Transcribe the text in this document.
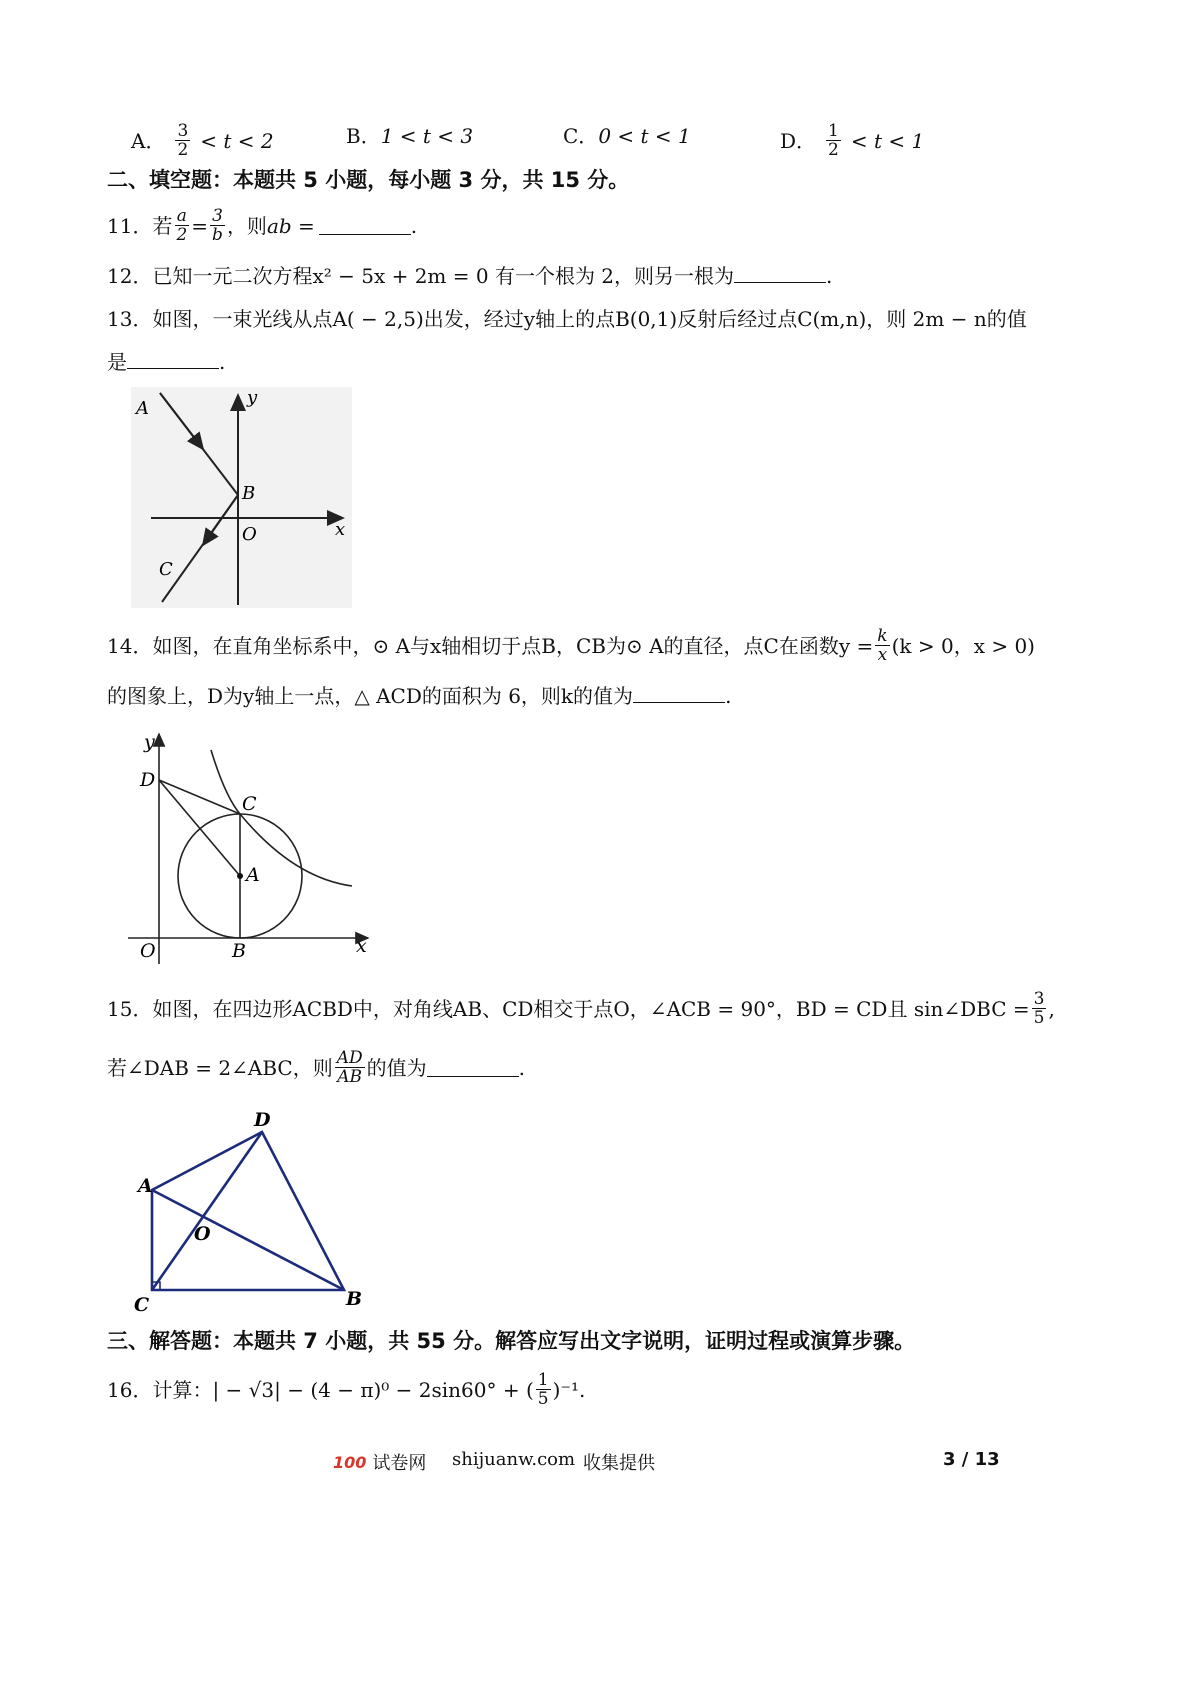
A． $\frac{3}{2} < t < 2$	B．1 < t < 3	C．0 < t < 1	D． $\frac{1}{2} < t < 1$
二、填空题：本题共 5 小题，每小题 3 分，共 15 分。
11． 若 $\frac{a}{2} = \frac{3}{b}$ ，则 ab =	.
12．已知一元二次方程x² − 5x + 2m = 0 有一个根为 2，则另一根为	.
13．如图，一束光线从点A( − 2,5)出发，经过y轴上的点B(0,1)反射后经过点C(m,n)，则 2m − n的值
是	.
A
B
C
O	x
y
14． 如图，在直角坐标系中，⊙ A与x轴相切于点B，CB为⊙ A的直径，点C在函数$y = \frac{k}{x} (k > 0$，x > 0)
的图象上，D为y轴上一点，△ ACD的面积为 6，则k的值为	.
D
C
A
B
O	x
y
15． 如图，在四边形ACBD中，对角线AB、CD相交于点O，∠ACB = 90°，BD = CD且 sin∠DBC = $\frac{3}{5}$ ,
若∠DAB = 2∠ABC，则 $\frac{AD}{AB}$ 的值为	.
D
A
O
C	B
三、解答题：本题共 7 小题，共 55 分。解答应写出文字说明，证明过程或演算步骤。
16． 计算：| − √3| − (4 − π)⁰ − 2sin60° + ( $\frac{1}{5} )^{-1}$.
100 试卷网 shijuanw.com 收集提供	3 / 13
